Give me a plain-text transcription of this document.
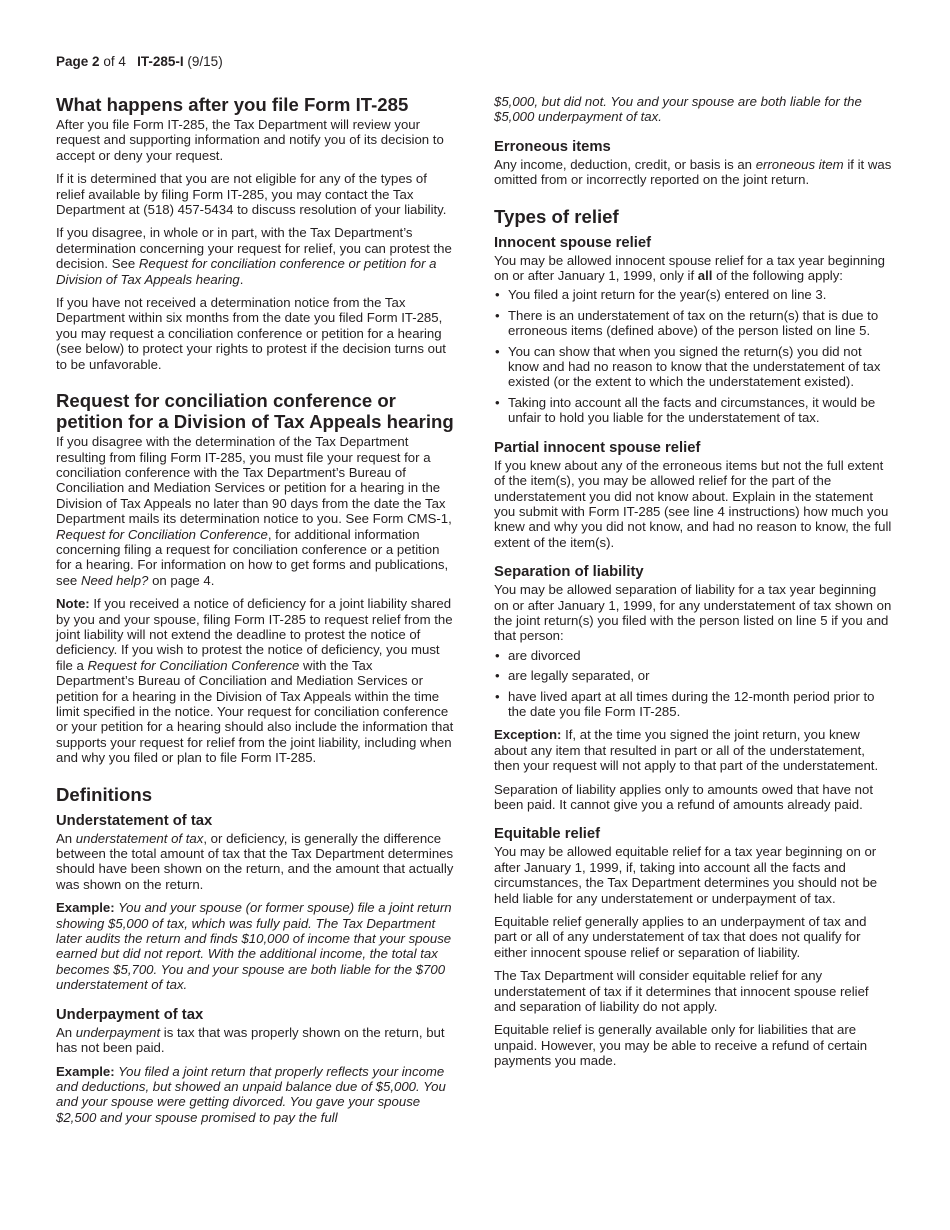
Page 2 of 4 IT-285-I (9/15)
What happens after you file Form IT-285

After you file Form IT-285, the Tax Department will review your request and supporting information and notify you of its decision to accept or deny your request.

If it is determined that you are not eligible for any of the types of relief available by filing Form IT-285, you may contact the Tax Department at (518) 457-5434 to discuss resolution of your liability.

If you disagree, in whole or in part, with the Tax Department’s determination concerning your request for relief, you can protest the decision. See Request for conciliation conference or petition for a Division of Tax Appeals hearing.

If you have not received a determination notice from the Tax Department within six months from the date you filed Form IT-285, you may request a conciliation conference or petition for a hearing (see below) to protect your rights to protest if the decision turns out to be unfavorable.

Request for conciliation conference or petition for a Division of Tax Appeals hearing

If you disagree with the determination of the Tax Department resulting from filing Form IT-285, you must file your request for a conciliation conference with the Tax Department’s Bureau of Conciliation and Mediation Services or petition for a hearing in the Division of Tax Appeals no later than 90 days from the date the Tax Department mails its determination notice to you. See Form CMS-1, Request for Conciliation Conference, for additional information concerning filing a request for conciliation conference or a petition for a hearing. For information on how to get forms and publications, see Need help? on page 4.

Note: If you received a notice of deficiency for a joint liability shared by you and your spouse, filing Form IT-285 to request relief from the joint liability will not extend the deadline to protest the notice of deficiency. If you wish to protest the notice of deficiency, you must file a Request for Conciliation Conference with the Tax Department’s Bureau of Conciliation and Mediation Services or petition for a hearing in the Division of Tax Appeals within the time limit specified in the notice. Your request for conciliation conference or your petition for a hearing should also include the information that supports your request for relief from the joint liability, including when and why you filed or plan to file Form IT-285.

Definitions
Understatement of tax

An understatement of tax, or deficiency, is generally the difference between the total amount of tax that the Tax Department determines should have been shown on the return, and the amount that actually was shown on the return.

Example: You and your spouse (or former spouse) file a joint return showing $5,000 of tax, which was fully paid. The Tax Department later audits the return and finds $10,000 of income that your spouse earned but did not report. With the additional income, the total tax becomes $5,700. You and your spouse are both liable for the $700 understatement of tax.

Underpayment of tax

An underpayment is tax that was properly shown on the return, but has not been paid.

Example: You filed a joint return that properly reflects your income and deductions, but showed an unpaid balance due of $5,000. You and your spouse were getting divorced. You gave your spouse $2,500 and your spouse promised to pay the full

$5,000, but did not. You and your spouse are both liable for the $5,000 underpayment of tax.

Erroneous items

Any income, deduction, credit, or basis is an erroneous item if it was omitted from or incorrectly reported on the joint return.

Types of relief
Innocent spouse relief

You may be allowed innocent spouse relief for a tax year beginning on or after January 1, 1999, only if all of the following apply:

• You filed a joint return for the year(s) entered on line 3.
• There is an understatement of tax on the return(s) that is due to erroneous items (defined above) of the person listed on line 5.
• You can show that when you signed the return(s) you did not know and had no reason to know that the understatement of tax existed (or the extent to which the understatement existed).
• Taking into account all the facts and circumstances, it would be unfair to hold you liable for the understatement of tax.
Partial innocent spouse relief

If you knew about any of the erroneous items but not the full extent of the item(s), you may be allowed relief for the part of the understatement you did not know about. Explain in the statement you submit with Form IT-285 (see line 4 instructions) how much you knew and why you did not know, and had no reason to know, the full extent of the item(s).

Separation of liability

You may be allowed separation of liability for a tax year beginning on or after January 1, 1999, for any understatement of tax shown on the joint return(s) you filed with the person listed on line 5 if you and that person:

• are divorced
• are legally separated, or
• have lived apart at all times during the 12-month period prior to the date you file Form IT-285.

Exception: If, at the time you signed the joint return, you knew about any item that resulted in part or all of the understatement, then your request will not apply to that part of the understatement.

Separation of liability applies only to amounts owed that have not been paid. It cannot give you a refund of amounts already paid.

Equitable relief

You may be allowed equitable relief for a tax year beginning on or after January 1, 1999, if, taking into account all the facts and circumstances, the Tax Department determines you should not be held liable for any understatement or underpayment of tax.

Equitable relief generally applies to an underpayment of tax and part or all of any understatement of tax that does not qualify for either innocent spouse relief or separation of liability.

The Tax Department will consider equitable relief for any understatement of tax if it determines that innocent spouse relief and separation of liability do not apply.

Equitable relief is generally available only for liabilities that are unpaid. However, you may be able to receive a refund of certain payments you made.
